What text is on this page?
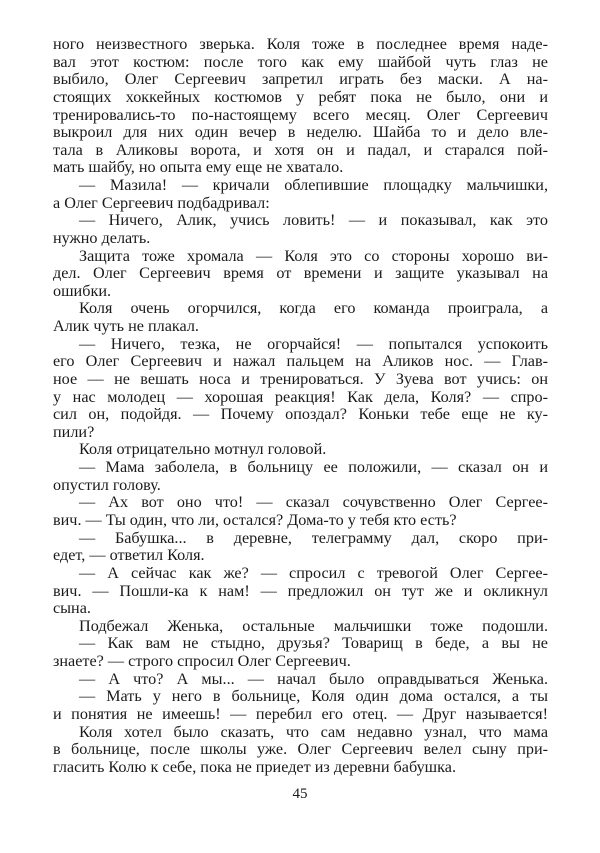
ного неизвестного зверька. Коля тоже в последнее время наде-
вал этот костюм: после того как ему шайбой чуть глаз не
выбило, Олег Сергеевич запретил играть без маски. А на-
стоящих хоккейных костюмов у ребят пока не было, они и
тренировались-то по-настоящему всего месяц. Олег Сергеевич
выкроил для них один вечер в неделю. Шайба то и дело вле-
тала в Аликовы ворота, и хотя он и падал, и старался пой-
мать шайбу, но опыта ему еще не хватало.
— Мазила! — кричали облепившие площадку мальчишки,
а Олег Сергеевич подбадривал:
— Ничего, Алик, учись ловить! — и показывал, как это
нужно делать.
Защита тоже хромала — Коля это со стороны хорошо ви-
дел. Олег Сергеевич время от времени и защите указывал на
ошибки.
Коля очень огорчился, когда его команда проиграла, а
Алик чуть не плакал.
— Ничего, тезка, не огорчайся! — попытался успокоить
его Олег Сергеевич и нажал пальцем на Аликов нос. — Глав-
ное — не вешать носа и тренироваться. У Зуева вот учись: он
у нас молодец — хорошая реакция! Как дела, Коля? — спро-
сил он, подойдя. — Почему опоздал? Коньки тебе еще не ку-
пили?
Коля отрицательно мотнул головой.
— Мама заболела, в больницу ее положили, — сказал он и
опустил голову.
— Ах вот оно что! — сказал сочувственно Олег Сергее-
вич. — Ты один, что ли, остался? Дома-то у тебя кто есть?
— Бабушка... в деревне, телеграмму дал, скоро при-
едет, — ответил Коля.
— А сейчас как же? — спросил с тревогой Олег Сергее-
вич. — Пошли-ка к нам! — предложил он тут же и окликнул
сына.
Подбежал Женька, остальные мальчишки тоже подошли.
— Как вам не стыдно, друзья? Товарищ в беде, а вы не
знаете? — строго спросил Олег Сергеевич.
— А что? А мы... — начал было оправдываться Женька.
— Мать у него в больнице, Коля один дома остался, а ты
и понятия не имеешь! — перебил его отец. — Друг называется!
Коля хотел было сказать, что сам недавно узнал, что мама
в больнице, после школы уже. Олег Сергеевич велел сыну при-
гласить Колю к себе, пока не приедет из деревни бабушка.
45
